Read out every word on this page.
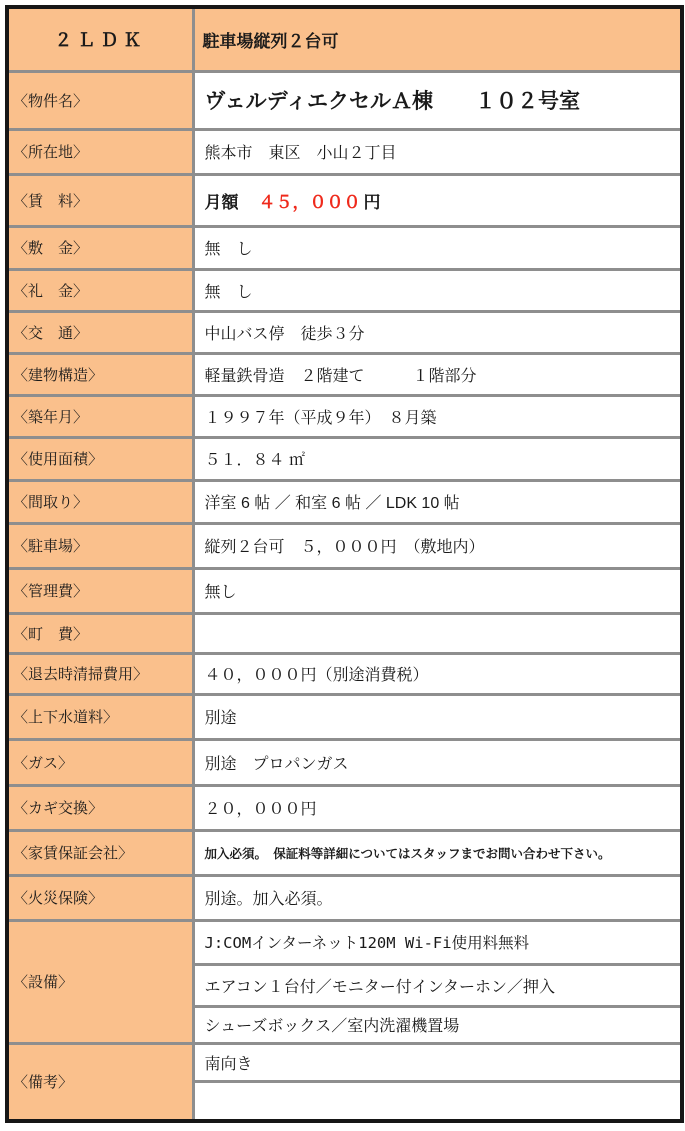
２ＬＤＫ	駐車場縦列２台可
〈物件名〉	ヴェルディエクセルＡ棟　　１０２号室
〈所在地〉	熊本市　東区　小山２丁目
〈賃　料〉	月額　４５，０００ 円
〈敷　金〉	無　し
〈礼　金〉	無　し
〈交　通〉	中山バス停　徒歩３分
〈建物構造〉	軽量鉄骨造　２階建て　　　１階部分
〈築年月〉	１９９７年（平成９年）　８月築
〈使用面積〉	５１．８４ ㎡
〈間取り〉	洋室 6 帖 ／ 和室 6 帖 ／ LDK 10 帖
〈駐車場〉	縦列２台可　５，０００円　（敷地内）
〈管理費〉	無し
〈町　費〉	
〈退去時清掃費用〉	４０，０００円（別途消費税）
〈上下水道料〉	別途
〈ガス〉	別途　プロパンガス
〈カギ交換〉	２０，０００円
〈家賃保証会社〉	加入必須。　保証料等詳細についてはスタッフまでお問い合わせ下さい。
〈火災保険〉	別途。加入必須。
〈設備〉	J:COMインターネット120M Wi-Fi使用料無料
	エアコン１台付／モニター付インターホン／押入
	シューズボックス／室内洗濯機置場
〈備考〉	南向き
